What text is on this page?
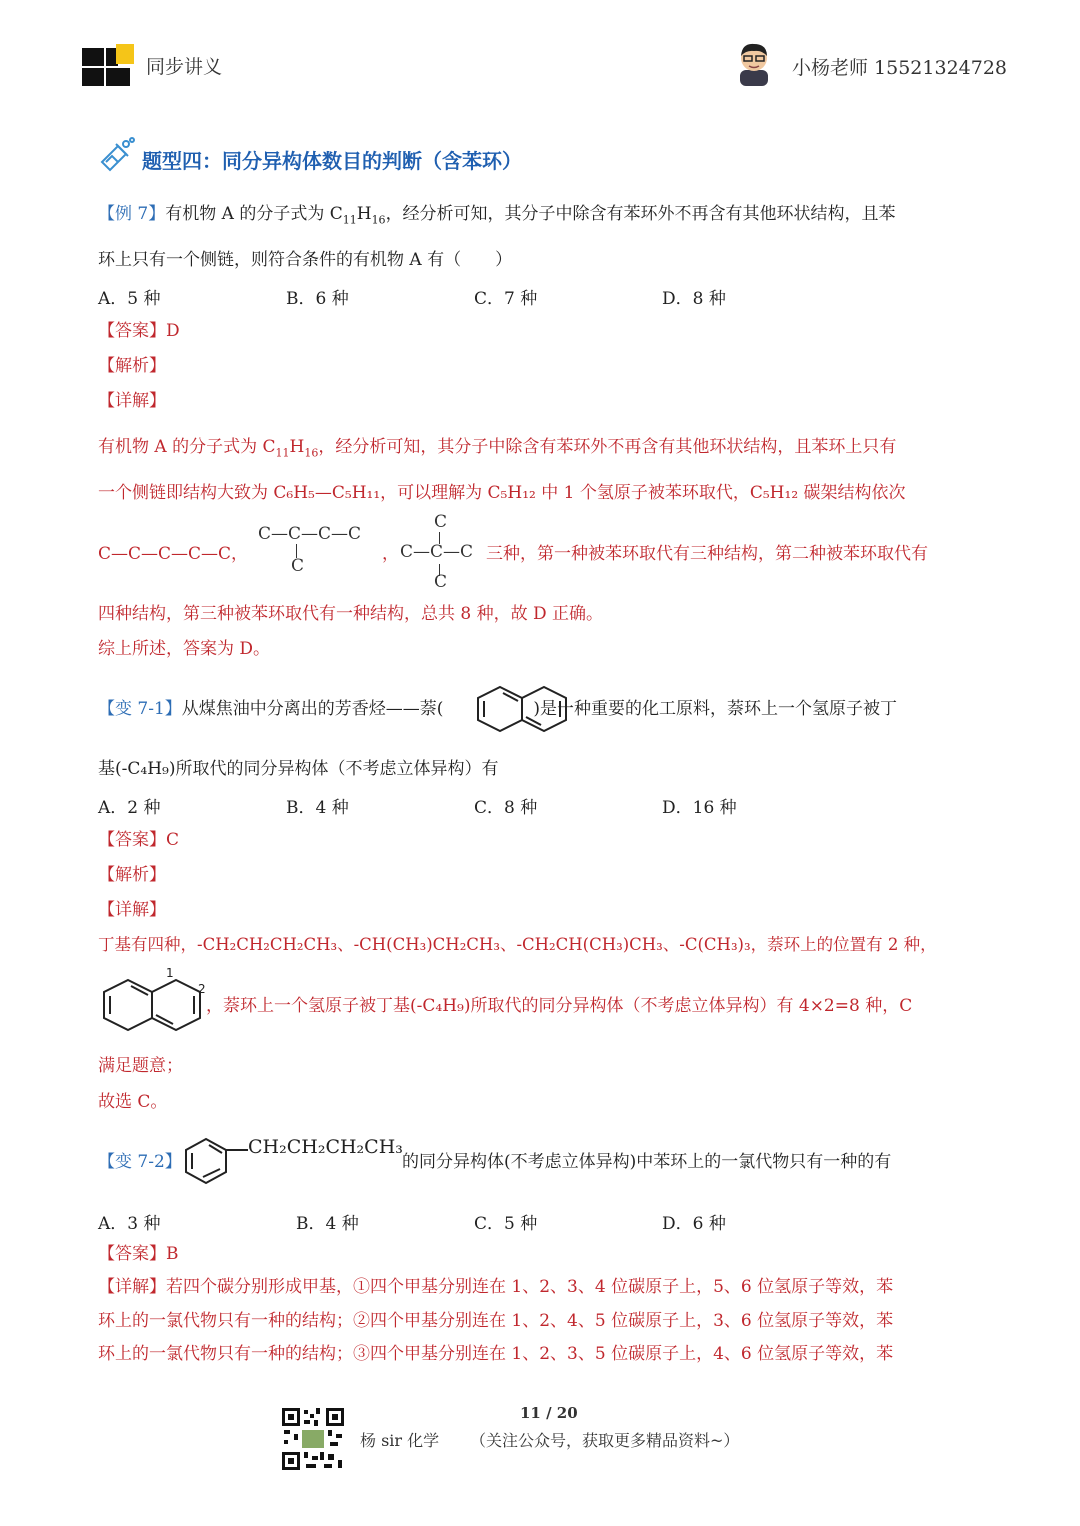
同步讲义	小杨老师 15521324728
题型四：同分异构体数目的判断（含苯环）
【例 7】有机物 A 的分子式为 $C_{11}H_{16}$，经分析可知，其分子中除含有苯环外不再含有其他环状结构，且苯
环上只有一个侧链，则符合条件的有机物 A 有（　　）
A．5 种	B．6 种	C．7 种	D．8 种
【答案】D
【解析】
【详解】
有机物 A 的分子式为 $C_{11}H_{16}$，经分析可知，其分子中除含有苯环外不再含有其他环状结构，且苯环上只有
一个侧链即结构大致为 C₆H₅—C₅H₁₁，可以理解为 C₅H₁₂ 中 1 个氢原子被苯环取代，C₅H₁₂ 碳架结构依次
C—C—C—C—C，
C—C—C—C
C
，
C
C—C—C
C
三种，第一种被苯环取代有三种结构，第二种被苯环取代有
四种结构，第三种被苯环取代有一种结构，总共 8 种，故 D 正确。
综上所述，答案为 D。
【变 7-1】从煤焦油中分离出的芳香烃——萘(	)是一种重要的化工原料，萘环上一个氢原子被丁
基(-C₄H₉)所取代的同分异构体（不考虑立体异构）有
A．2 种	B．4 种	C．8 种	D．16 种
【答案】C
【解析】
【详解】
丁基有四种，-CH₂CH₂CH₂CH₃、-CH(CH₃)CH₂CH₃、-CH₂CH(CH₃)CH₃、-C(CH₃)₃，萘环上的位置有 2 种，
1
2
，萘环上一个氢原子被丁基(-C₄H₉)所取代的同分异构体（不考虑立体异构）有 4×2=8 种，C
满足题意；
故选 C。
【变 7-2】
CH₂CH₂CH₂CH₃
的同分异构体(不考虑立体异构)中苯环上的一氯代物只有一种的有
A．3 种	B．4 种	C．5 种	D．6 种
【答案】B
【详解】若四个碳分别形成甲基，①四个甲基分别连在 1、2、3、4 位碳原子上，5、6 位氢原子等效，苯
环上的一氯代物只有一种的结构；②四个甲基分别连在 1、2、4、5 位碳原子上，3、6 位氢原子等效，苯
环上的一氯代物只有一种的结构；③四个甲基分别连在 1、2、3、5 位碳原子上，4、6 位氢原子等效，苯
11 / 20
杨 sir 化学 （关注公众号，获取更多精品资料~）
